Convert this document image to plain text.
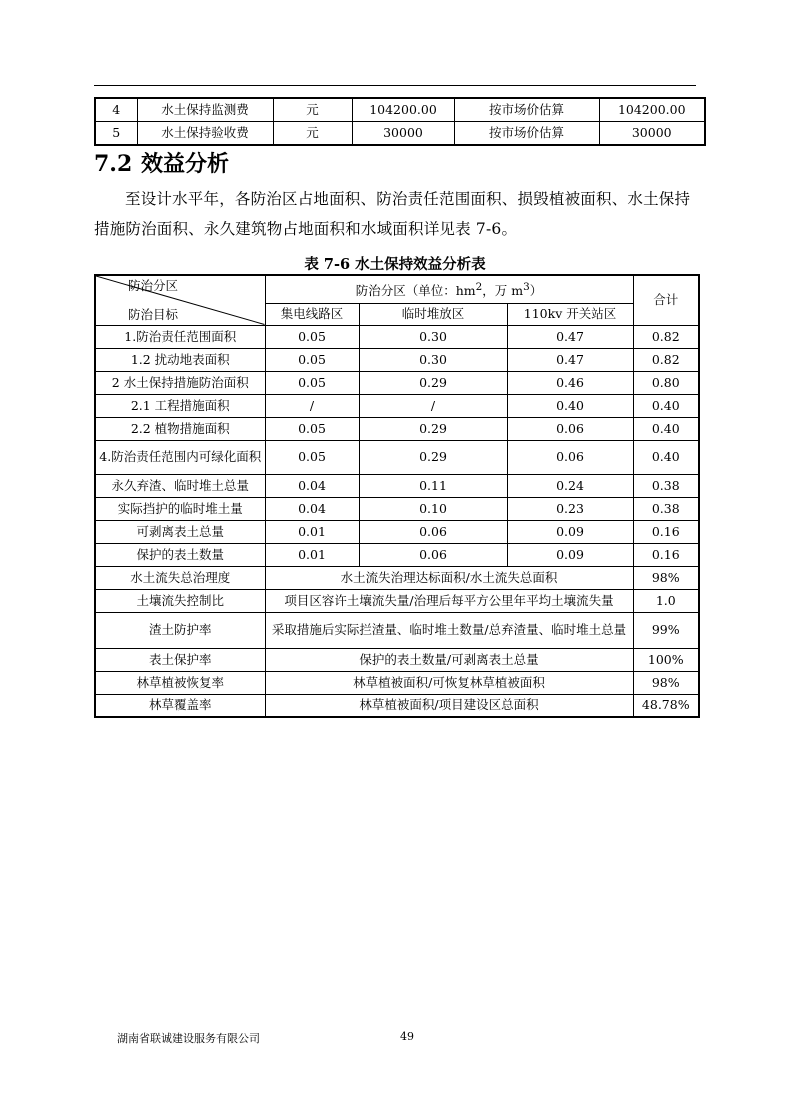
4	水土保持监测费	元	104200.00	按市场价估算	104200.00
5	水土保持验收费	元	30000	按市场价估算	30000
7.2 效益分析
至设计水平年，各防治区占地面积、防治责任范围面积、损毁植被面积、水土保持措施防治面积、永久建筑物占地面积和水域面积详见表 7-6。
表 7-6 水土保持效益分析表
防治分区
防治目标	防治分区（单位：$hm^2$，万 $m^3$）			合计
	集电线路区	临时堆放区	110kv 开关站区	
1.防治责任范围面积	0.05	0.30	0.47	0.82
1.2 扰动地表面积	0.05	0.30	0.47	0.82
2 水土保持措施防治面积	0.05	0.29	0.46	0.80
2.1 工程措施面积	/	/	0.40	0.40
2.2 植物措施面积	0.05	0.29	0.06	0.40
4.防治责任范围内可绿化面积	0.05	0.29	0.06	0.40
永久弃渣、临时堆土总量	0.04	0.11	0.24	0.38
实际挡护的临时堆土量	0.04	0.10	0.23	0.38
可剥离表土总量	0.01	0.06	0.09	0.16
保护的表土数量	0.01	0.06	0.09	0.16
水土流失总治理度	水土流失治理达标面积/水土流失总面积			98%
土壤流失控制比	项目区容许土壤流失量/治理后每平方公里年平均土壤流失量			1.0
渣土防护率	采取措施后实际拦渣量、临时堆土数量/总弃渣量、临时堆土总量			99%
表土保护率	保护的表土数量/可剥离表土总量			100%
林草植被恢复率	林草植被面积/可恢复林草植被面积			98%
林草覆盖率	林草植被面积/项目建设区总面积			48.78%
湖南省联诚建设服务有限公司	49
